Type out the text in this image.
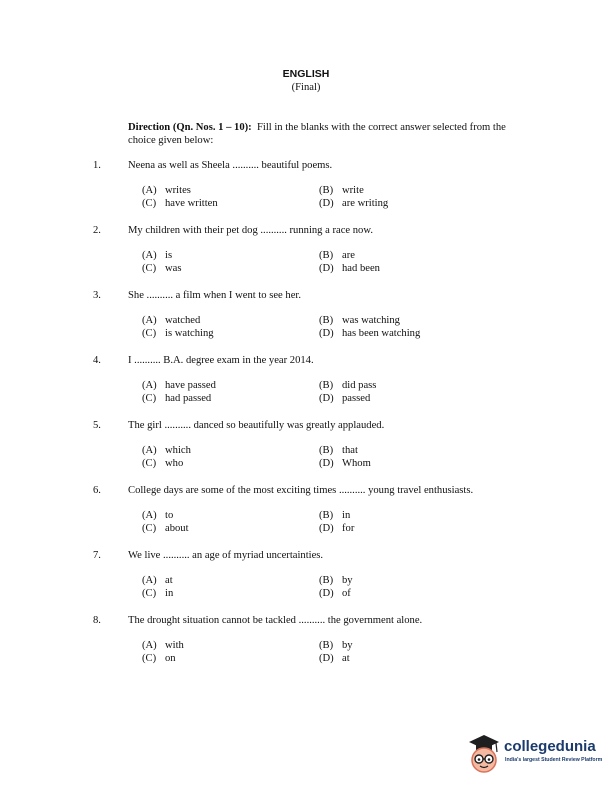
ENGLISH
(Final)
Direction (Qn. Nos. 1 – 10): Fill in the blanks with the correct answer selected from the choice given below:
1.	Neena as well as Sheela .......... beautiful poems.
(A) writes	(B) write
(C) have written	(D) are writing
2.	My children with their pet dog .......... running a race now.
(A) is	(B) are
(C) was	(D) had been
3.	She .......... a film when I went to see her.
(A) watched	(B) was watching
(C) is watching	(D) has been watching
4.	I .......... B.A. degree exam in the year 2014.
(A) have passed	(B) did pass
(C) had passed	(D) passed
5.	The girl .......... danced so beautifully was greatly applauded.
(A) which	(B) that
(C) who	(D) Whom
6.	College days are some of the most exciting times .......... young travel enthusiasts.
(A) to	(B) in
(C) about	(D) for
7.	We live .......... an age of myriad uncertainties.
(A) at	(B) by
(C) in	(D) of
8.	The drought situation cannot be tackled .......... the government alone.
(A) with	(B) by
(C) on	(D) at
collegedunia
India's largest Student Review Platform
